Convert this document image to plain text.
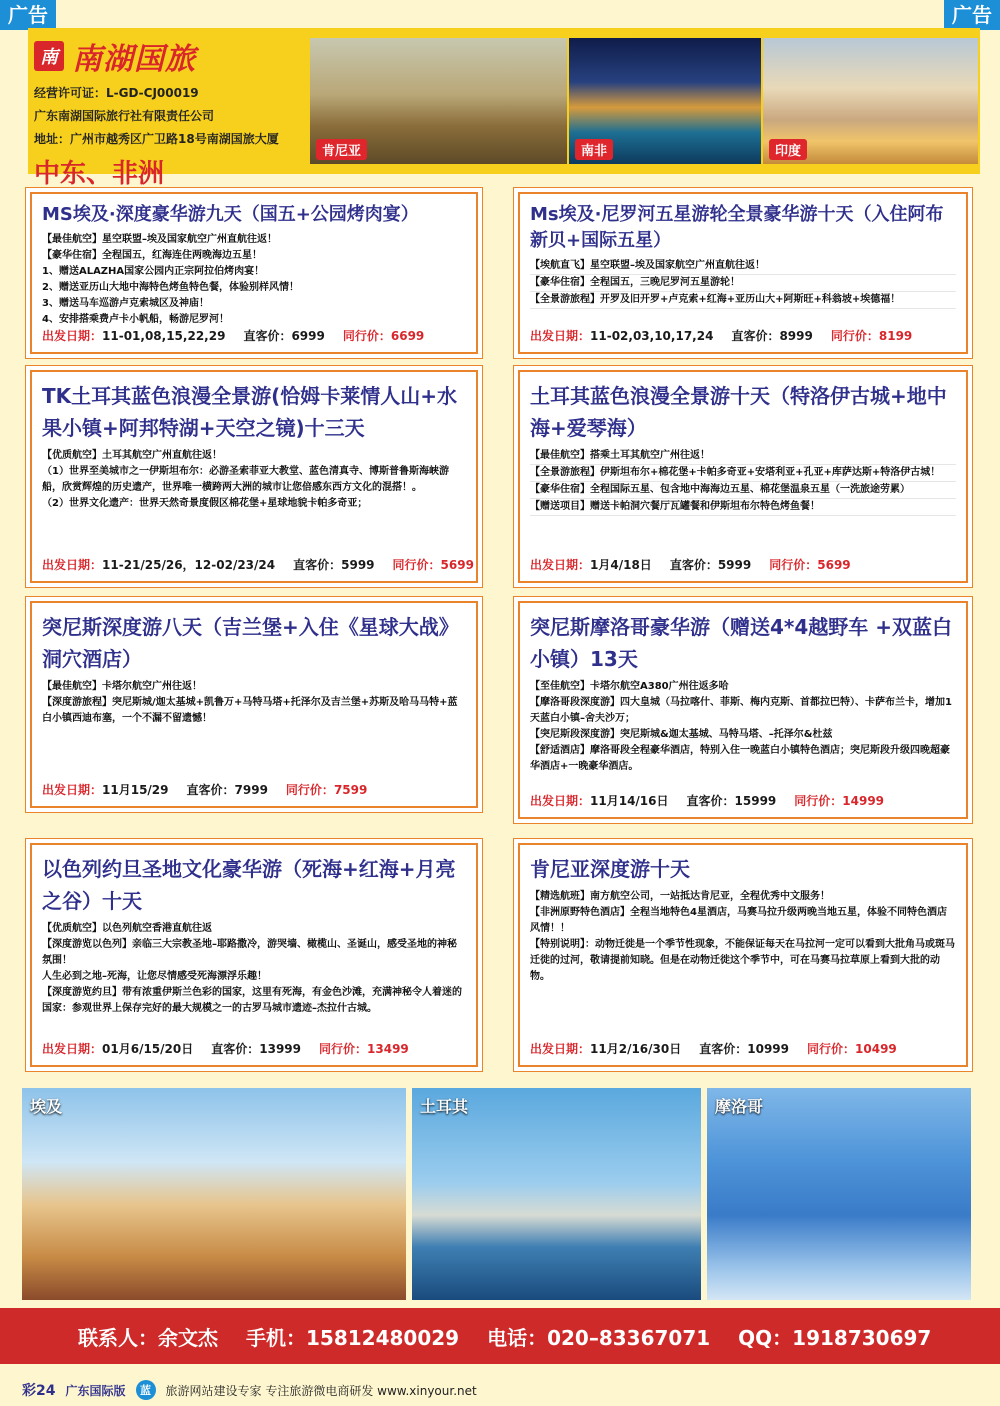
广告	广告
南 南湖国旅
经营许可证：L-GD-CJ00019
广东南湖国际旅行社有限责任公司
地址：广州市越秀区广卫路18号南湖国旅大厦
中东、非洲
肯尼亚	南非	印度
MS埃及·深度豪华游九天（国五+公园烤肉宴）
【最佳航空】星空联盟–埃及国家航空广州直航往返！
【豪华住宿】全程国五，红海连住两晚海边五星！
1、赠送ALAZHA国家公园内正宗阿拉伯烤肉宴！
2、赠送亚历山大地中海特色烤鱼特色餐，体验别样风情！
3、赠送马车巡游卢克索城区及神庙！
4、安排搭乘费卢卡小帆船，畅游尼罗河！
出发日期：11-01,08,15,22,29 直客价：6999 同行价：6699
Ms埃及·尼罗河五星游轮全景豪华游十天（入住阿布新贝+国际五星）
【埃航直飞】星空联盟–埃及国家航空广州直航往返！
【豪华住宿】全程国五，三晚尼罗河五星游轮！
【全景游旅程】开罗及旧开罗+卢克索+红海+亚历山大+阿斯旺+科翁坡+埃德福！
出发日期：11-02,03,10,17,24 直客价：8999 同行价：8199
TK土耳其蓝色浪漫全景游(恰姆卡莱情人山+水果小镇+阿邦特湖+天空之镜)十三天
【优质航空】土耳其航空广州直航往返！
（1）世界至美城市之一伊斯坦布尔：必游圣索菲亚大教堂、蓝色清真寺、博斯普鲁斯海峡游船，欣赏辉煌的历史遗产，世界唯一横跨两大洲的城市让您倍感东西方文化的混搭！。
（2）世界文化遗产：世界天然奇景度假区棉花堡+星球地貌卡帕多奇亚；
出发日期：11-21/25/26，12-02/23/24 直客价：5999 同行价：5699
土耳其蓝色浪漫全景游十天（特洛伊古城+地中海+爱琴海）
【最佳航空】搭乘土耳其航空广州往返！
【全景游旅程】伊斯坦布尔+棉花堡+卡帕多奇亚+安塔利亚+孔亚+库萨达斯+特洛伊古城！
【豪华住宿】全程国际五星、包含地中海海边五星、棉花堡温泉五星（一洗旅途劳累）
【赠送项目】赠送卡帕洞穴餐厅瓦罐餐和伊斯坦布尔特色烤鱼餐！
出发日期：1月4/18日 直客价：5999 同行价：5699
突尼斯深度游八天（吉兰堡+入住《星球大战》洞穴酒店）
【最佳航空】卡塔尔航空广州往返！
【深度游旅程】突尼斯城/迦太基城+凯鲁万+马特马塔+托泽尔及吉兰堡+苏斯及哈马马特+蓝白小镇西迪布塞，一个不漏不留遗憾！
出发日期：11月15/29 直客价：7999 同行价：7599
突尼斯摩洛哥豪华游（赠送4*4越野车 +双蓝白小镇）13天
【至佳航空】卡塔尔航空A380广州往返多哈
【摩洛哥段深度游】四大皇城（马拉喀什、菲斯、梅内克斯、首都拉巴特）、卡萨布兰卡，增加1天蓝白小镇–舍夫沙万；
【突尼斯段深度游】突尼斯城&迦太基城、马特马塔、–托泽尔&杜兹
【舒适酒店】摩洛哥段全程豪华酒店，特别入住一晚蓝白小镇特色酒店；突尼斯段升级四晚超豪华酒店+一晚豪华酒店。
出发日期：11月14/16日 直客价：15999 同行价：14999
以色列约旦圣地文化豪华游（死海+红海+月亮之谷）十天
【优质航空】以色列航空香港直航往返
【深度游览以色列】亲临三大宗教圣地–耶路撒冷，游哭墙、橄榄山、圣诞山，感受圣地的神秘氛围！
人生必到之地–死海，让您尽情感受死海漂浮乐趣！
【深度游览约旦】带有浓重伊斯兰色彩的国家，这里有死海，有金色沙滩，充满神秘令人着迷的国家：参观世界上保存完好的最大规模之一的古罗马城市遗迹–杰拉什古城。
出发日期：01月6/15/20日 直客价：13999 同行价：13499
肯尼亚深度游十天
【精选航班】南方航空公司，一站抵达肯尼亚，全程优秀中文服务！
【非洲原野特色酒店】全程当地特色4星酒店，马赛马拉升级两晚当地五星，体验不同特色酒店风情！！
【特别说明】：动物迁徙是一个季节性现象，不能保证每天在马拉河一定可以看到大批角马或斑马迁徙的过河，敬请提前知晓。但是在动物迁徙这个季节中，可在马赛马拉草原上看到大批的动物。
出发日期：11月2/16/30日 直客价：10999 同行价：10499
埃及	土耳其	摩洛哥
联系人：余文杰 手机：15812480029 电话：020–83367071 QQ：1918730697
彩24 广东国际版	蓝	旅游网站建设专家 专注旅游微电商研发 www.xinyour.net
